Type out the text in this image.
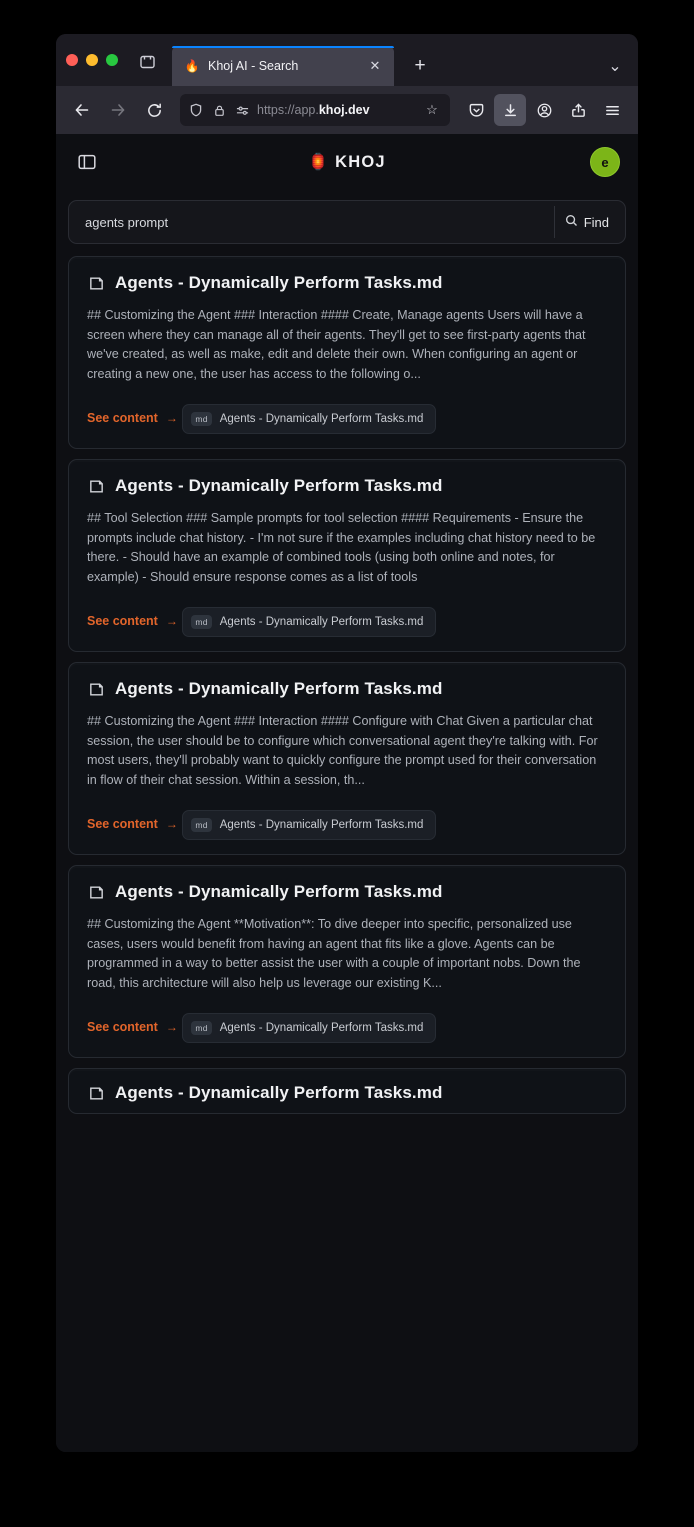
🔥 Khoj AI - Search	✕	+	⌄
https://app.khoj.dev	☆
🏮 KHOJ	e
agents prompt
Find
Agents - Dynamically Perform Tasks.md

## Customizing the Agent ### Interaction #### Create, Manage agents Users will have a screen where they can manage all of their agents. They'll get to see first-party agents that we've created, as well as make, edit and delete their own. When configuring an agent or creating a new one, the user has access to the following o...

See content →
	md	Agents - Dynamically Perform Tasks.md
Agents - Dynamically Perform Tasks.md

## Tool Selection ### Sample prompts for tool selection #### Requirements - Ensure the prompts include chat history. - I'm not sure if the examples including chat history need to be there. - Should have an example of combined tools (using both online and notes, for example) - Should ensure response comes as a list of tools

See content →
	md	Agents - Dynamically Perform Tasks.md
Agents - Dynamically Perform Tasks.md

## Customizing the Agent ### Interaction #### Configure with Chat Given a particular chat session, the user should be to configure which conversational agent they're talking with. For most users, they'll probably want to quickly configure the prompt used for their conversation in flow of their chat session. Within a session, th...

See content →
	md	Agents - Dynamically Perform Tasks.md
Agents - Dynamically Perform Tasks.md

## Customizing the Agent **Motivation**: To dive deeper into specific, personalized use cases, users would benefit from having an agent that fits like a glove. Agents can be programmed in a way to better assist the user with a couple of important nobs. Down the road, this architecture will also help us leverage our existing K...

See content →
	md	Agents - Dynamically Perform Tasks.md
Agents - Dynamically Perform Tasks.md
